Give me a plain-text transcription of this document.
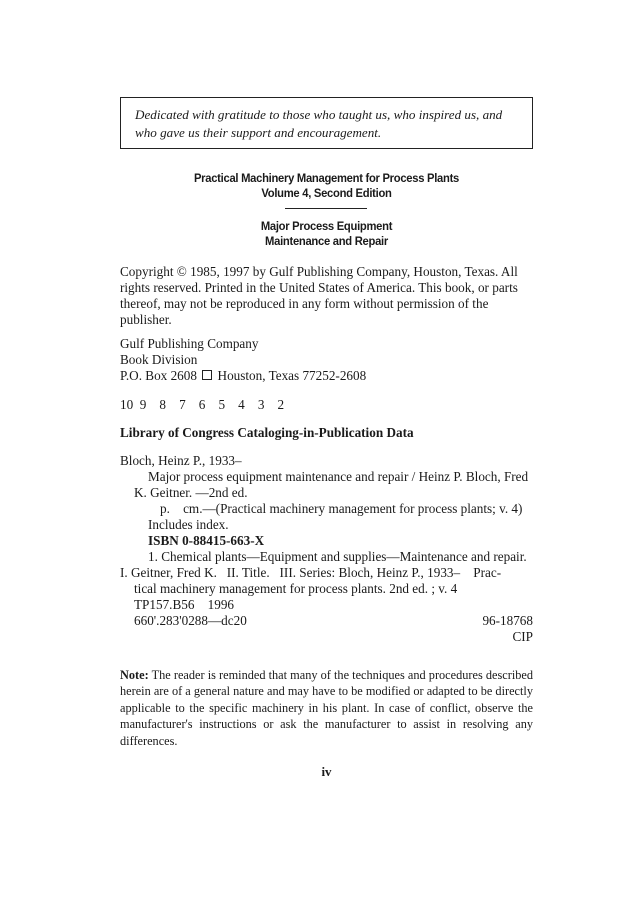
Dedicated with gratitude to those who taught us, who inspired us, and who gave us their support and encouragement.
Practical Machinery Management for Process Plants
Volume 4, Second Edition
Major Process Equipment
Maintenance and Repair
Copyright © 1985, 1997 by Gulf Publishing Company, Houston, Texas. All
rights reserved. Printed in the United States of America. This book, or parts
thereof, may not be reproduced in any form without permission of the
publisher.
Gulf Publishing Company
Book Division
P.O. Box 2608 Houston, Texas 77252-2608
10 9 8 7 6 5 4 3 2
Library of Congress Cataloging-in-Publication Data
Bloch, Heinz P., 1933–
Major process equipment maintenance and repair / Heinz P. Bloch, Fred
K. Geitner. —2nd ed.
p.    cm.—(Practical machinery management for process plants; v. 4)
Includes index.
ISBN 0-88415-663-X
1. Chemical plants—Equipment and supplies—Maintenance and repair.
I. Geitner, Fred K.   II. Title.   III. Series: Bloch, Heinz P., 1933–    Prac-
tical machinery management for process plants. 2nd ed. ; v. 4
TP157.B56    1996
660'.283'0288—dc20	96-18768
CIP
Note: The reader is reminded that many of the techniques and procedures described herein are of a general nature and may have to be modified or adapted to be directly applicable to the specific machinery in his plant. In case of conflict, observe the manufacturer's instructions or ask the manufacturer to assist in resolving any differences.
iv
